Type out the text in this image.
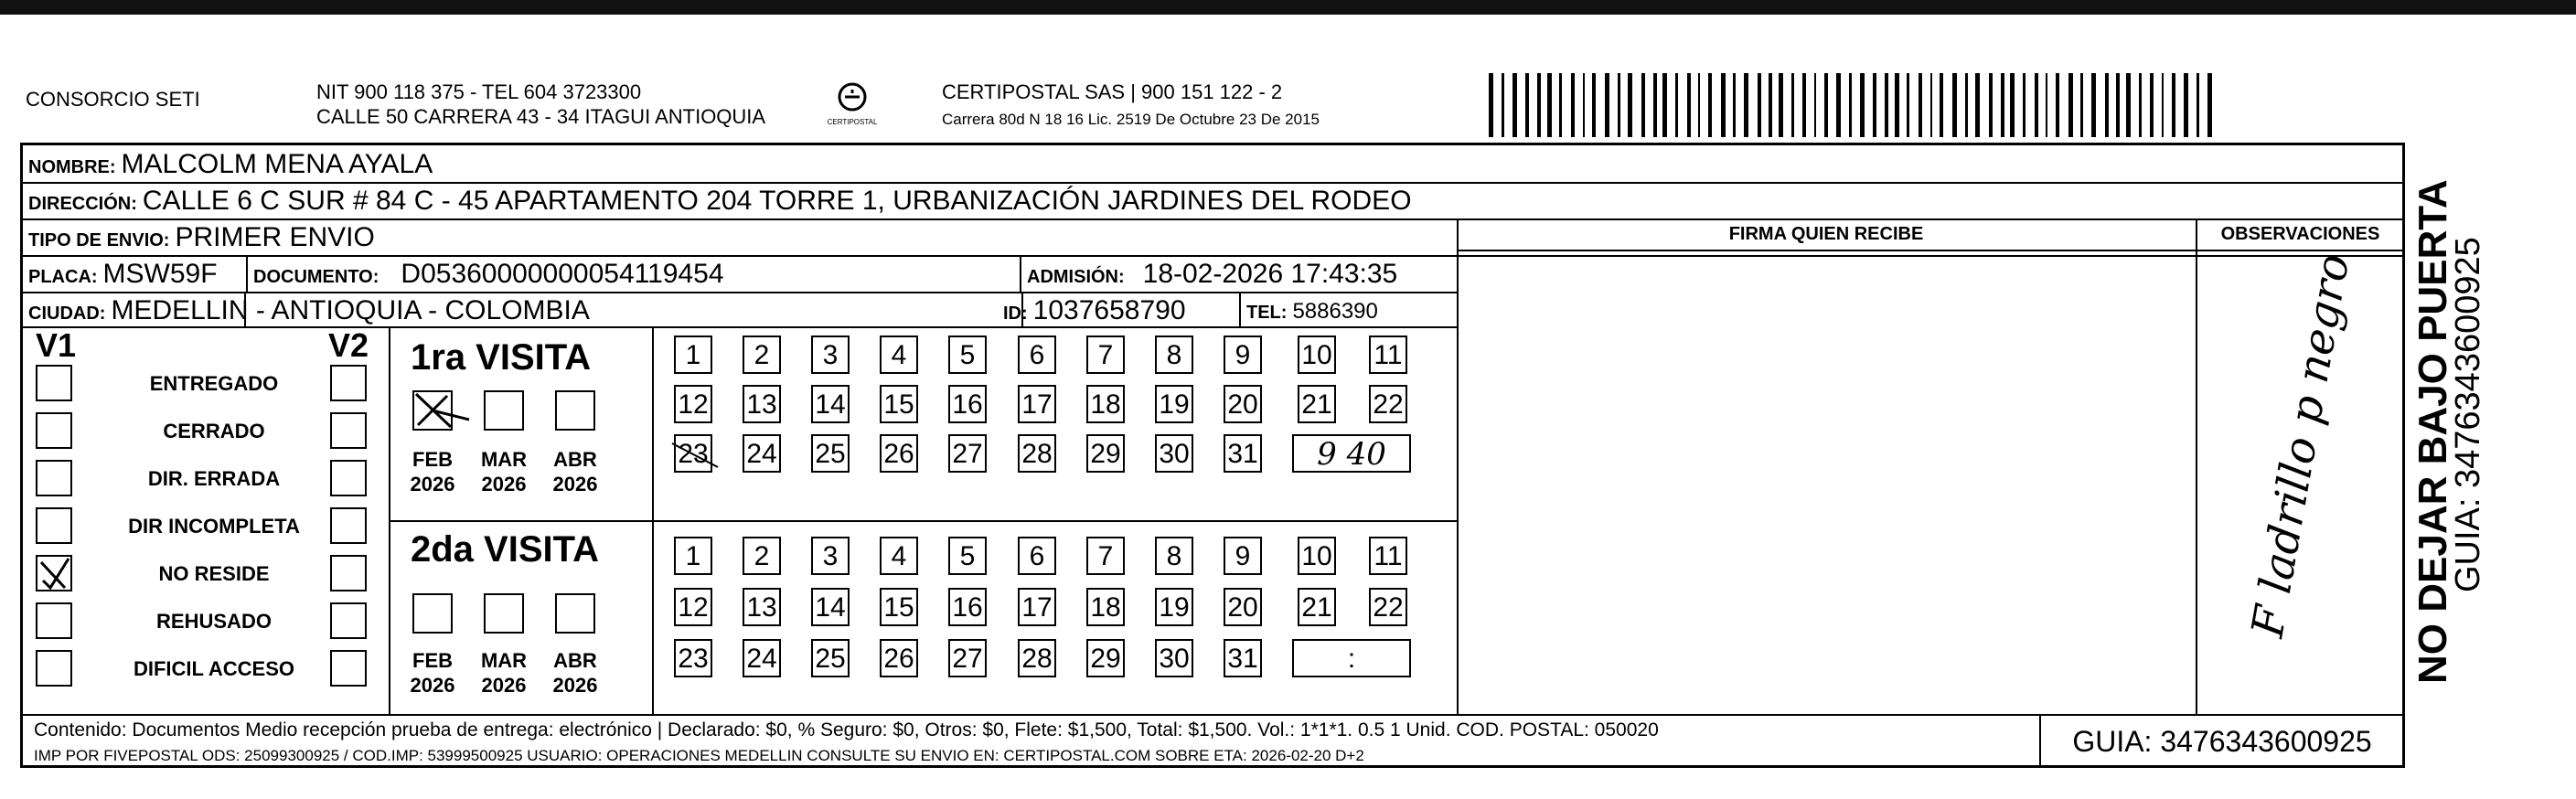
CONSORCIO SETI	NIT 900 118 375 - TEL 604 3723300
CALLE 50 CARRERA 43 - 34 ITAGUI ANTIOQUIA	CERTIPOSTAL
CERTIPOSTAL SAS | 900 151 122 - 2
Carrera 80d N 18 16 Lic. 2519 De Octubre 23 De 2015
NOMBRE: MALCOLM MENA AYALA
DIRECCIÓN: CALLE 6 C SUR # 84 C - 45 APARTAMENTO 204 TORRE 1, URBANIZACIÓN JARDINES DEL RODEO
TIPO DE ENVIO: PRIMER ENVIO
PLACA: MSW59F DOCUMENTO: D05360000000054119454	ADMISIÓN: 18-02-2026 17:43:35
CIUDAD: MEDELLIN - ANTIOQUIA - COLOMBIA	ID: 1037658790	TEL: 5886390
FIRMA QUIEN RECIBE	OBSERVACIONES
F ladrillo p negro
V1	V2
ENTREGADO
CERRADO
DIR. ERRADA
DIR INCOMPLETA
NO RESIDE
REHUSADO
DIFICIL ACCESO
1ra VISITA
2da VISITA
FEB
2026
MAR
2026
ABR
2026
FEB
2026
MAR
2026
ABR
2026
1	2	3	4	5	6	7	8	9	10 11
12 13 14 15 16 17 18 19 20 21 22
23 24 25 26 27 28 29 30 31	9 40
1	2	3	4	5	6	7	8	9	10 11
12 13 14 15 16 17 18 19 20 21 22
23 24 25 26 27 28 29 30 31	:
Contenido: Documentos Medio recepción prueba de entrega: electrónico | Declarado: $0, % Seguro: $0, Otros: $0, Flete: $1,500, Total: $1,500. Vol.: 1*1*1. 0.5 1 Unid. COD. POSTAL: 050020
IMP POR FIVEPOSTAL ODS: 25099300925 / COD.IMP: 53999500925 USUARIO: OPERACIONES MEDELLIN CONSULTE SU ENVIO EN: CERTIPOSTAL.COM SOBRE ETA: 2026-02-20 D+2	GUIA: 3476343600925
NO DEJAR BAJO PUERTA
GUIA: 3476343600925
